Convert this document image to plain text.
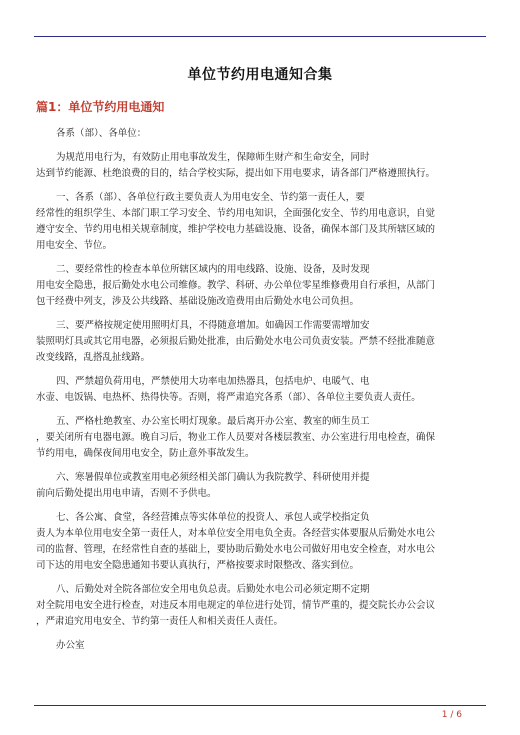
单位节约用电通知合集
篇1：单位节约用电通知

各系（部）、各单位：

为规范用电行为，有效防止用电事故发生，保障师生财产和生命安全，同时
达到节约能源、杜绝浪费的目的，结合学校实际，提出如下用电要求，请各部门严格遵照执行。

一、各系（部）、各单位行政主要负责人为用电安全、节约第一责任人，要
经常性的组织学生、本部门职工学习安全、节约用电知识，全面强化安全、节约用电意识，自觉
遵守安全、节约用电相关规章制度，维护学校电力基础设施、设备，确保本部门及其所辖区域的
用电安全、节位。

二、要经常性的检查本单位所辖区域内的用电线路、设施、设备，及时发现
用电安全隐患，报后勤处水电公司维修。教学、科研、办公单位零星维修费用自行承担，从部门
包干经费中列支，涉及公共线路、基础设施改造费用由后勤处水电公司负担。

三、要严格按规定使用照明灯具，不得随意增加。如确因工作需要需增加安
装照明灯具或其它用电器，必须报后勤处批准，由后勤处水电公司负责安装。严禁不经批准随意
改变线路，乱搭乱扯线路。

四、严禁超负荷用电，严禁使用大功率电加热器具，包括电炉、电暖气、电
水壶、电饭锅、电热杯、热得快等。否则，将严肃追究各系（部）、各单位主要负责人责任。

五、严格杜绝教室、办公室长明灯现象。最后离开办公室、教室的师生员工
，要关闭所有电器电源。晚自习后，物业工作人员要对各楼层教室、办公室进行用电检查，确保
节约用电，确保夜间用电安全，防止意外事故发生。

六、寒暑假单位或教室用电必须经相关部门确认为我院教学、科研使用并提
前向后勤处提出用电申请，否则不予供电。

七、各公寓、食堂，各经营摊点等实体单位的投资人、承包人或学校指定负
责人为本单位用电安全第一责任人，对本单位安全用电负全责。各经营实体要服从后勤处水电公
司的监督、管理，在经常性自查的基础上，要协助后勤处水电公司做好用电安全检查，对水电公
司下达的用电安全隐患通知书要认真执行，严格按要求时限整改、落实到位。

八、后勤处对全院各部位安全用电负总责。后勤处水电公司必须定期不定期
对全院用电安全进行检查，对违反本用电规定的单位进行处罚，情节严重的，提交院长办公会议
，严肃追究用电安全、节约第一责任人和相关责任人责任。

办公室

1 / 6
